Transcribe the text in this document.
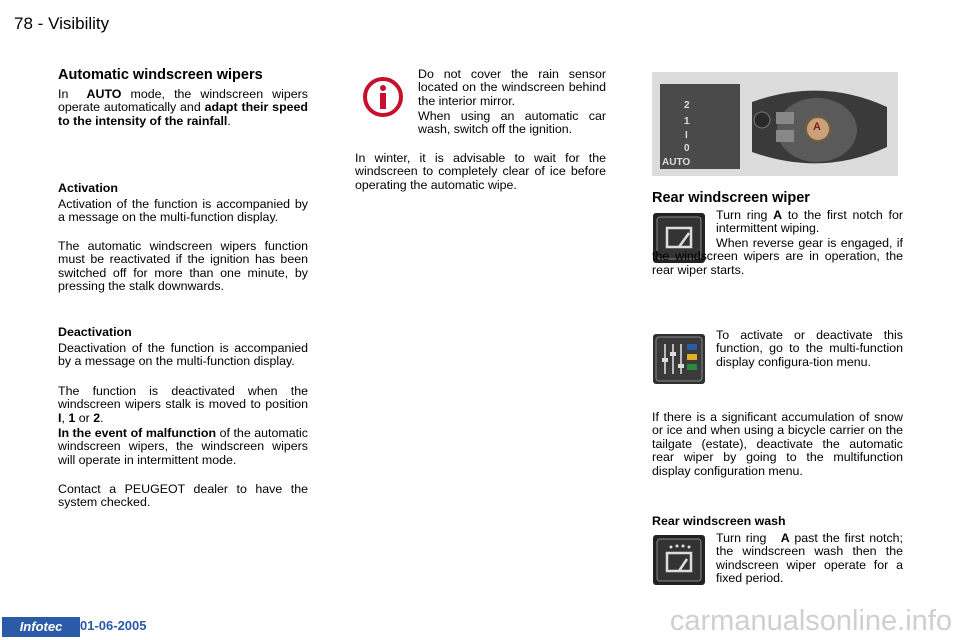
78 - Visibility
Automatic windscreen wipers
In AUTO mode, the windscreen wipers operate automatically and adapt their speed to the intensity of the rainfall.
Activation
Activation of the function is accompanied by a message on the multi-function display.
The automatic windscreen wipers function must be reactivated if the ignition has been switched off for more than one minute, by pressing the stalk downwards.
Deactivation
Deactivation of the function is accompanied by a message on the multi-function display.
The function is deactivated when the windscreen wipers stalk is moved to position I, 1 or 2.
In the event of malfunction of the automatic windscreen wipers, the windscreen wipers will operate in intermittent mode.
Contact a PEUGEOT dealer to have the system checked.
Do not cover the rain sensor located on the windscreen behind the interior mirror.
When using an automatic car wash, switch off the ignition.
In winter, it is advisable to wait for the windscreen to completely clear of ice before operating the automatic wipe.
AUTO
A
2
1
I
0
Rear windscreen wiper
Turn ring A to the first notch for intermittent wiping.
When reverse gear is engaged, if the windscreen wipers are in operation, the rear wiper starts.
To activate or deactivate this function, go to the multi-function display configura-tion menu.
If there is a significant accumulation of snow or ice and when using a bicycle carrier on the tailgate (estate), deactivate the automatic rear wiper by going to the multifunction display configuration menu.
Rear windscreen wash
Turn ring A past the first notch; the windscreen wash then the windscreen wiper operate for a fixed period.
Infotec	01-06-2005	carmanualsonline.info
